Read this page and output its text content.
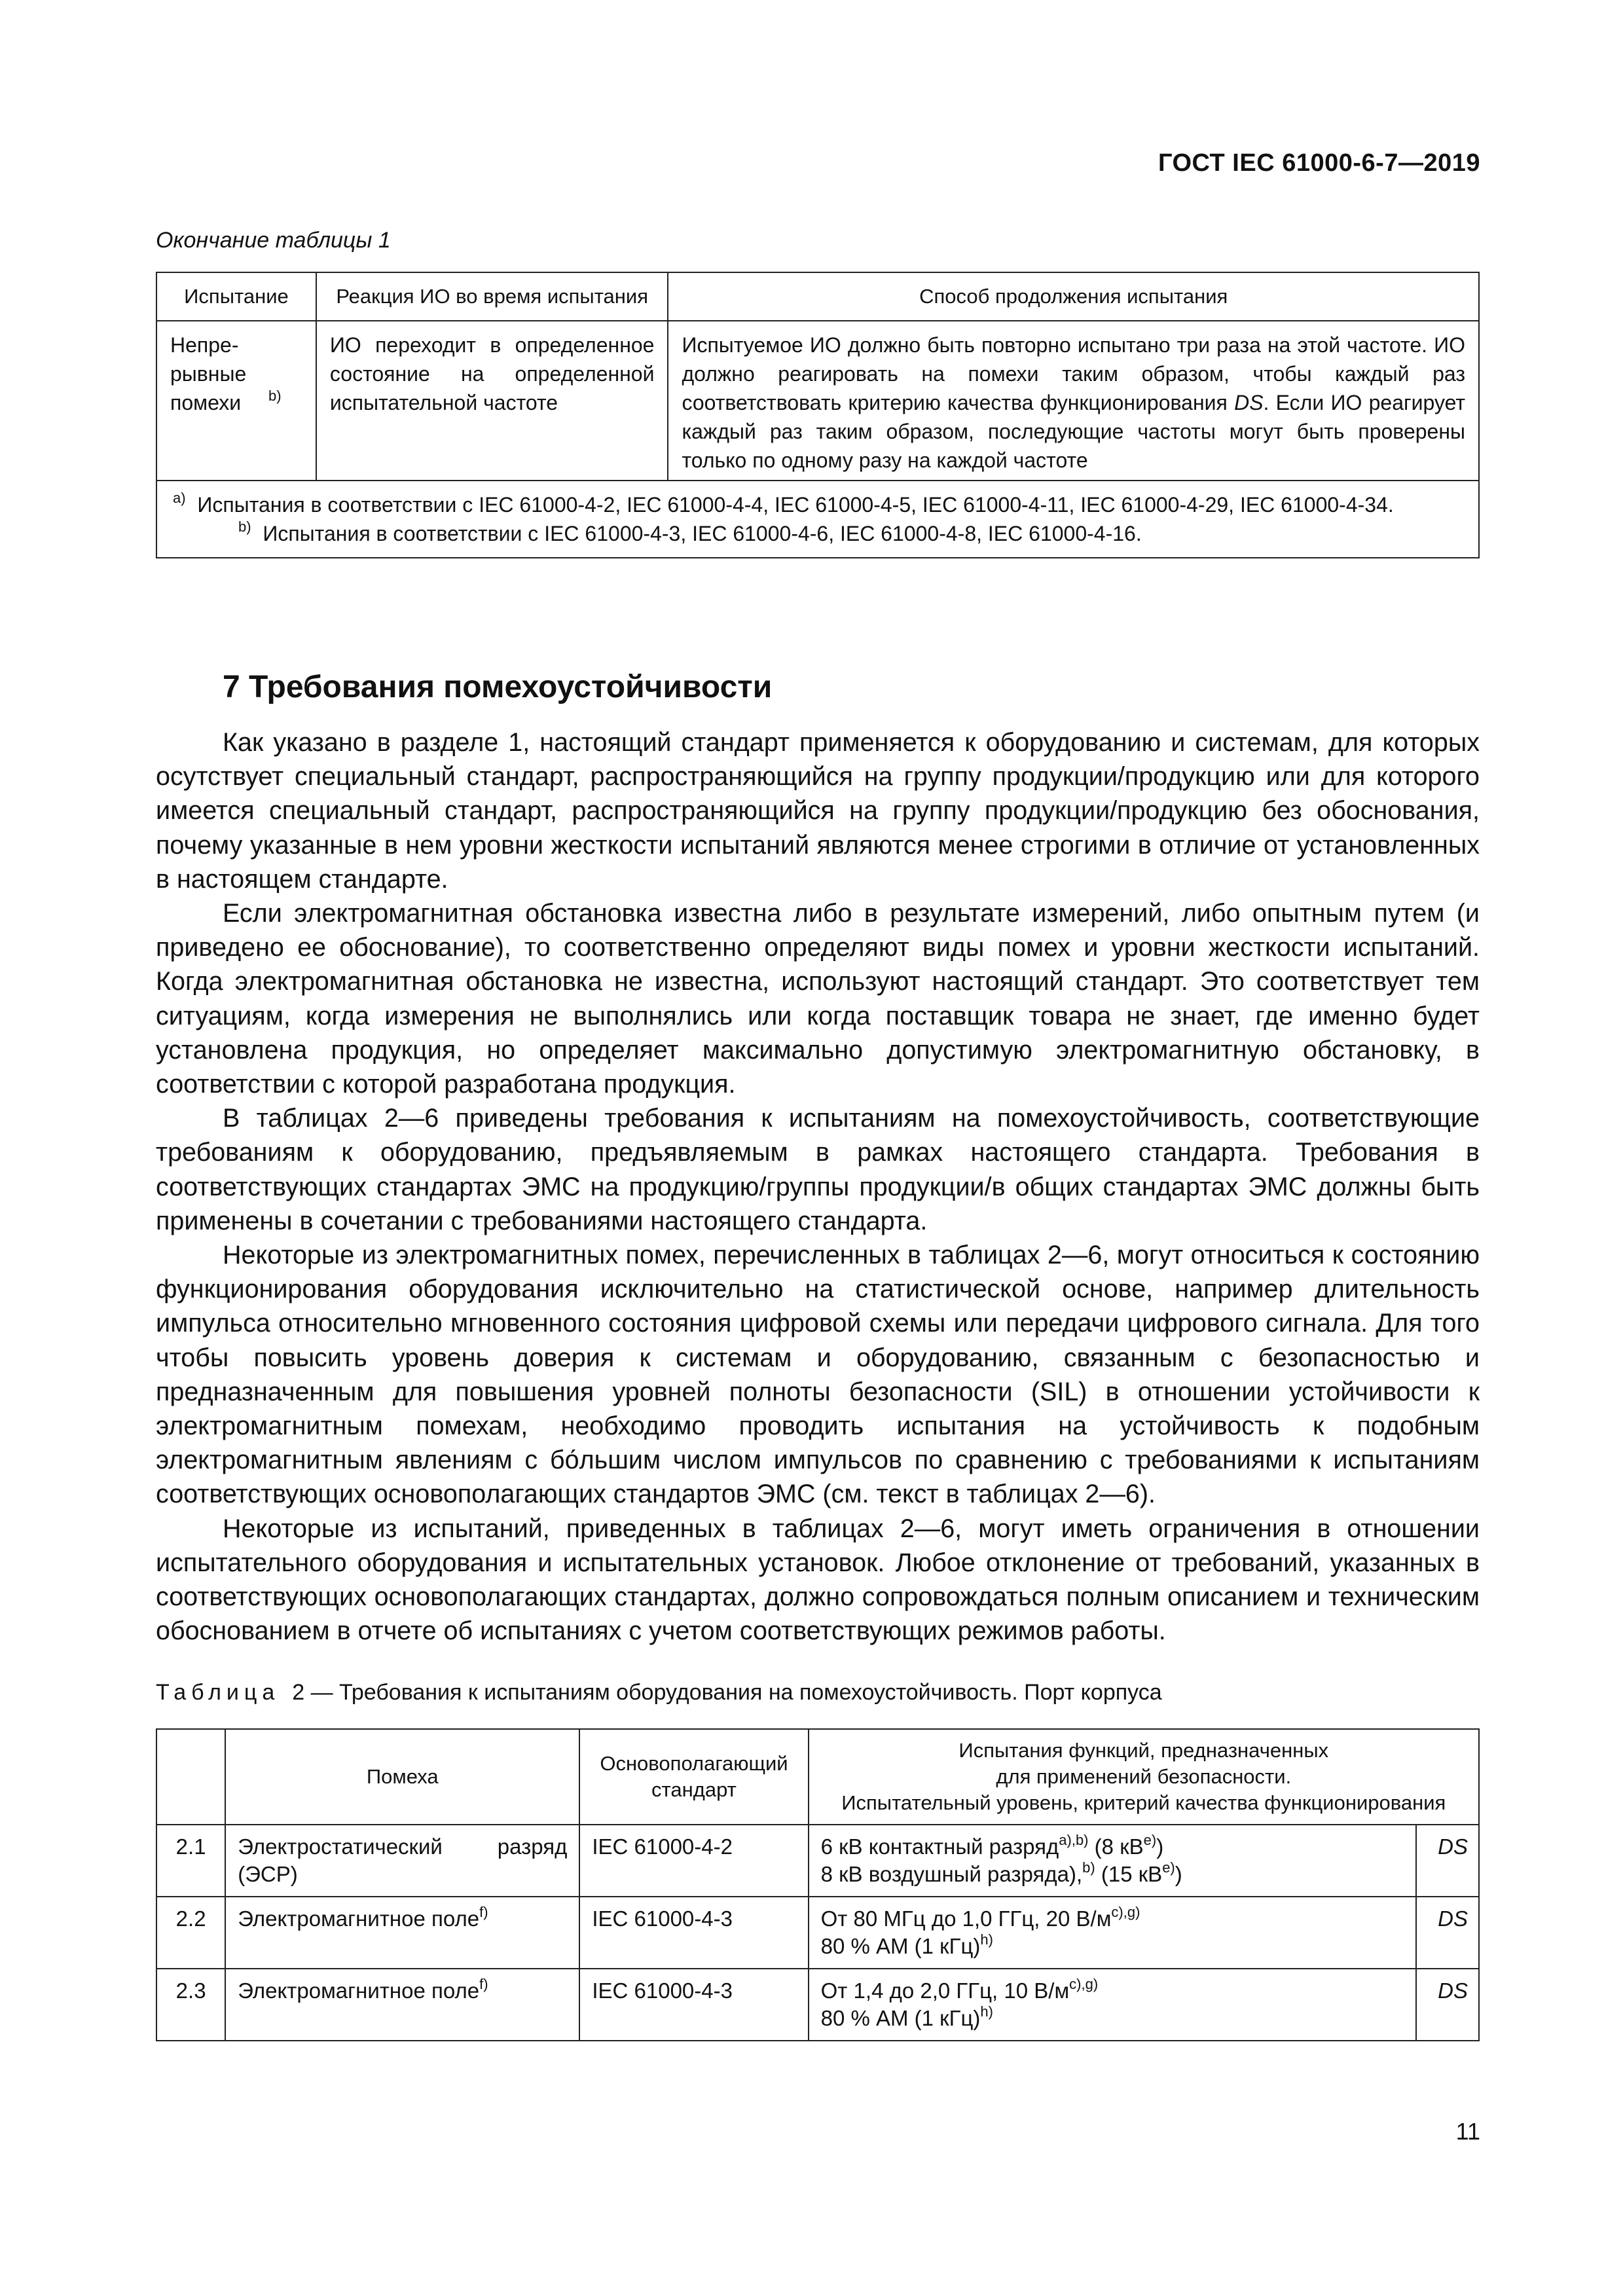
ГОСТ IEC 61000-6-7—2019
Окончание таблицы 1
Испытание	Реакция ИО во время испытания	Способ продолжения испытания
Непре-рывные помехи $^{b)}$	ИО переходит в определенное состояние на определенной испытательной частоте	Испытуемое ИО должно быть повторно испытано три раза на этой частоте. ИО должно реагировать на помехи таким образом, чтобы каждый раз соответствовать критерию качества функционирования DS. Если ИО реагирует каждый раз таким образом, последующие частоты могут быть проверены только по одному разу на каждой частоте

$^{a)}$ Испытания в соответствии с IEC 61000-4-2, IEC 61000-4-4, IEC 61000-4-5, IEC 61000-4-11, IEC 61000-4-29, IEC 61000-4-34.
$^{b)}$ Испытания в соответствии с IEC 61000-4-3, IEC 61000-4-6, IEC 61000-4-8, IEC 61000-4-16.		
7 Требования помехоустойчивости

Как указано в разделе 1, настоящий стандарт применяется к оборудованию и системам, для которых осутствует специальный стандарт, распространяющийся на группу продукции/продукцию или для которого имеется специальный стандарт, распространяющийся на группу продукции/продукцию без обоснования, почему указанные в нем уровни жесткости испытаний являются менее строгими в отличие от установленных в настоящем стандарте.

Если электромагнитная обстановка известна либо в результате измерений, либо опытным путем (и приведено ее обоснование), то соответственно определяют виды помех и уровни жесткости испытаний. Когда электромагнитная обстановка не известна, используют настоящий стандарт. Это соответствует тем ситуациям, когда измерения не выполнялись или когда поставщик товара не знает, где именно будет установлена продукция, но определяет максимально допустимую электромагнитную обстановку, в соответствии с которой разработана продукция.

В таблицах 2—6 приведены требования к испытаниям на помехоустойчивость, соответствующие требованиям к оборудованию, предъявляемым в рамках настоящего стандарта. Требования в соответствующих стандартах ЭМС на продукцию/группы продукции/в общих стандартах ЭМС должны быть применены в сочетании с требованиями настоящего стандарта.

Некоторые из электромагнитных помех, перечисленных в таблицах 2—6, могут относиться к состоянию функционирования оборудования исключительно на статистической основе, например длительность импульса относительно мгновенного состояния цифровой схемы или передачи цифрового сигнала. Для того чтобы повысить уровень доверия к системам и оборудованию, связанным с безопасностью и предназначенным для повышения уровней полноты безопасности (SIL) в отношении устойчивости к электромагнитным помехам, необходимо проводить испытания на устойчивость к подобным электромагнитным явлениям с бо́льшим числом импульсов по сравнению с требованиями к испытаниям соответствующих основополагающих стандартов ЭМС (см. текст в таблицах 2—6).

Некоторые из испытаний, приведенных в таблицах 2—6, могут иметь ограничения в отношении испытательного оборудования и испытательных установок. Любое отклонение от требований, указанных в соответствующих основополагающих стандартах, должно сопровождаться полным описанием и техническим обоснованием в отчете об испытаниях с учетом соответствующих режимов работы.

Таблица 2 — Требования к испытаниям оборудования на помехоустойчивость. Порт корпуса
	Помеха	Основополагающий стандарт	Испытания функций, предназначенных
для применений безопасности.
Испытательный уровень, критерий качества функционирования	

2.1	Электростатический разряд (ЭСР)	IEC 61000-4-2	6 кВ контактный разряд$^{a),b)}$ (8 $кВ^{e)}$)
8 кВ воздушный разряда),$^{b)}$ (15 $кВ^{e)}$)	DS
2.2	Электромагнитное поле$^{f)}$	IEC 61000-4-3	От 80 МГц до 1,0 ГГц, 20 $В/м^{c),g)}$
80 % АМ (1 кГц)$^{h)}$	DS
2.3	Электромагнитное поле$^{f)}$	IEC 61000-4-3	От 1,4 до 2,0 ГГц, 10 $В/м^{c),g)}$
80 % АМ (1 кГц)$^{h)}$	DS
11
